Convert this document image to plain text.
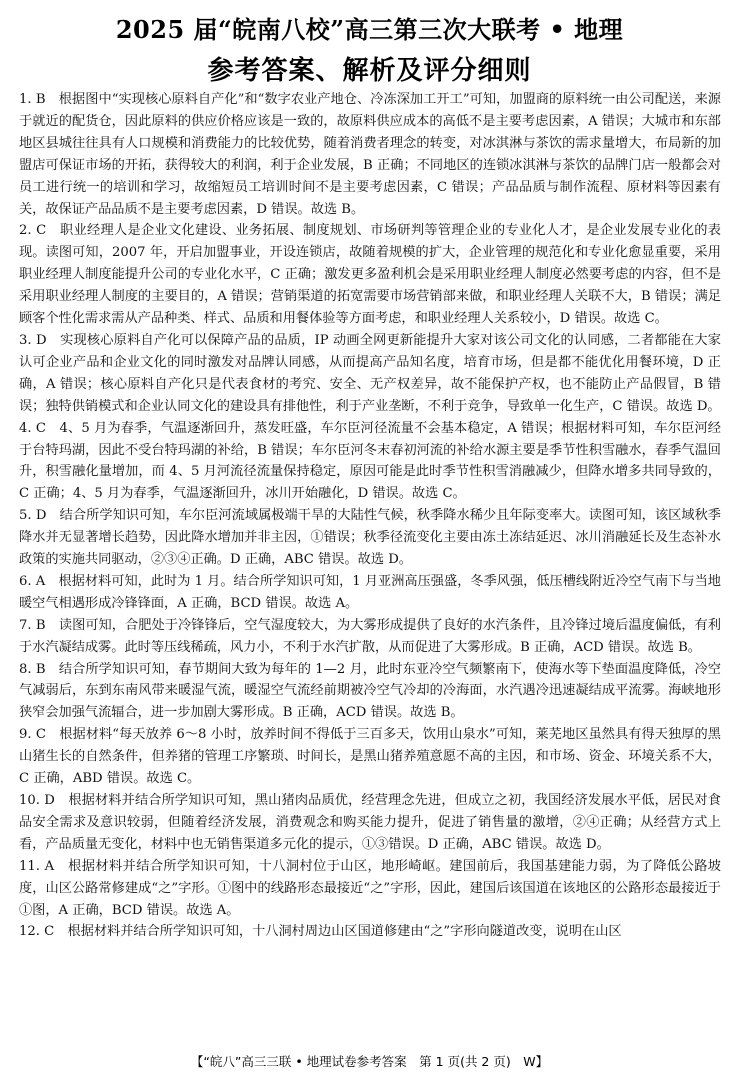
2025 届“皖南八校”高三第三次大联考 • 地理
参考答案、解析及评分细则

1. B　根据图中“实现核心原料自产化”和“数字农业产地仓、冷冻深加工开工”可知，加盟商的原料统一由公司配送，来源于就近的配货仓，因此原料的供应价格应该是一致的，故原料供应成本的高低不是主要考虑因素，A 错误；大城市和东部地区县城往往具有人口规模和消费能力的比较优势，随着消费者理念的转变，对冰淇淋与茶饮的需求量增大，布局新的加盟店可保证市场的开拓，获得较大的利润，利于企业发展，B 正确；不同地区的连锁冰淇淋与茶饮的品牌门店一般都会对员工进行统一的培训和学习，故缩短员工培训时间不是主要考虑因素，C 错误；产品品质与制作流程、原材料等因素有关，故保证产品品质不是主要考虑因素，D 错误。故选 B。

2. C　职业经理人是企业文化建设、业务拓展、制度规划、市场研判等管理企业的专业化人才，是企业发展专业化的表现。读图可知，2007 年，开启加盟事业，开设连锁店，故随着规模的扩大，企业管理的规范化和专业化愈显重要，采用职业经理人制度能提升公司的专业化水平，C 正确；激发更多盈利机会是采用职业经理人制度必然要考虑的内容，但不是采用职业经理人制度的主要目的，A 错误；营销渠道的拓宽需要市场营销部来做，和职业经理人关联不大，B 错误；满足顾客个性化需求需从产品种类、样式、品质和用餐体验等方面考虑，和职业经理人关系较小，D 错误。故选 C。

3. D　实现核心原料自产化可以保障产品的品质，IP 动画全网更新能提升大家对该公司文化的认同感，二者都能在大家认可企业产品和企业文化的同时激发对品牌认同感，从而提高产品知名度，培育市场，但是都不能优化用餐环境，D 正确，A 错误；核心原料自产化只是代表食材的考究、安全、无产权差异，故不能保护产权，也不能防止产品假冒，B 错误；独特供销模式和企业认同文化的建设具有排他性，利于产业垄断，不利于竞争，导致单一化生产，C 错误。故选 D。

4. C　4、5 月为春季，气温逐渐回升，蒸发旺盛，车尔臣河径流量不会基本稳定，A 错误；根据材料可知，车尔臣河经于台特玛湖，因此不受台特玛湖的补给，B 错误；车尔臣河冬末春初河流的补给水源主要是季节性积雪融水，春季气温回升，积雪融化量增加，而 4、5 月河流径流量保持稳定，原因可能是此时季节性积雪消融减少，但降水增多共同导致的，C 正确；4、5 月为春季，气温逐渐回升，冰川开始融化，D 错误。故选 C。

5. D　结合所学知识可知，车尔臣河流域属极端干旱的大陆性气候，秋季降水稀少且年际变率大。读图可知，该区域秋季降水并无显著增长趋势，因此降水增加并非主因，①错误；秋季径流变化主要由冻土冻结延迟、冰川消融延长及生态补水政策的实施共同驱动，②③④正确。D 正确，ABC 错误。故选 D。

6. A　根据材料可知，此时为 1 月。结合所学知识可知，1 月亚洲高压强盛，冬季风强，低压槽线附近冷空气南下与当地暖空气相遇形成冷锋锋面，A 正确，BCD 错误。故选 A。

7. B　读图可知，合肥处于冷锋锋后，空气湿度较大，为大雾形成提供了良好的水汽条件，且冷锋过境后温度偏低，有利于水汽凝结成雾。此时等压线稀疏，风力小，不利于水汽扩散，从而促进了大雾形成。B 正确，ACD 错误。故选 B。

8. B　结合所学知识可知，春节期间大致为每年的 1—2 月，此时东亚冷空气频繁南下，使海水等下垫面温度降低，冷空气减弱后，东到东南风带来暖湿气流，暖湿空气流经前期被冷空气冷却的冷海面，水汽遇冷迅速凝结成平流雾。海峡地形狭窄会加强气流辐合，进一步加剧大雾形成。B 正确，ACD 错误。故选 B。

9. C　根据材料“每天放养 6～8 小时，放养时间不得低于三百多天，饮用山泉水”可知，莱芜地区虽然具有得天独厚的黑山猪生长的自然条件，但养猪的管理工序繁琐、时间长，是黑山猪养殖意愿不高的主因，和市场、资金、环境关系不大，C 正确，ABD 错误。故选 C。

10. D　根据材料并结合所学知识可知，黑山猪肉品质优，经营理念先进，但成立之初，我国经济发展水平低，居民对食品安全需求及意识较弱，但随着经济发展，消费观念和购买能力提升，促进了销售量的激增，②④正确；从经营方式上看，产品质量无变化，材料中也无销售渠道多元化的提示，①③错误。D 正确，ABC 错误。故选 D。

11. A　根据材料并结合所学知识可知，十八洞村位于山区，地形崎岖。建国前后，我国基建能力弱，为了降低公路坡度，山区公路常修建成“之”字形。①图中的线路形态最接近“之”字形，因此，建国后该国道在该地区的公路形态最接近于①图，A 正确，BCD 错误。故选 A。

12. C　根据材料并结合所学知识可知，十八洞村周边山区国道修建由“之”字形向隧道改变，说明在山区

【“皖八”高三三联 • 地理试卷参考答案　第 1 页(共 2 页)　W】
